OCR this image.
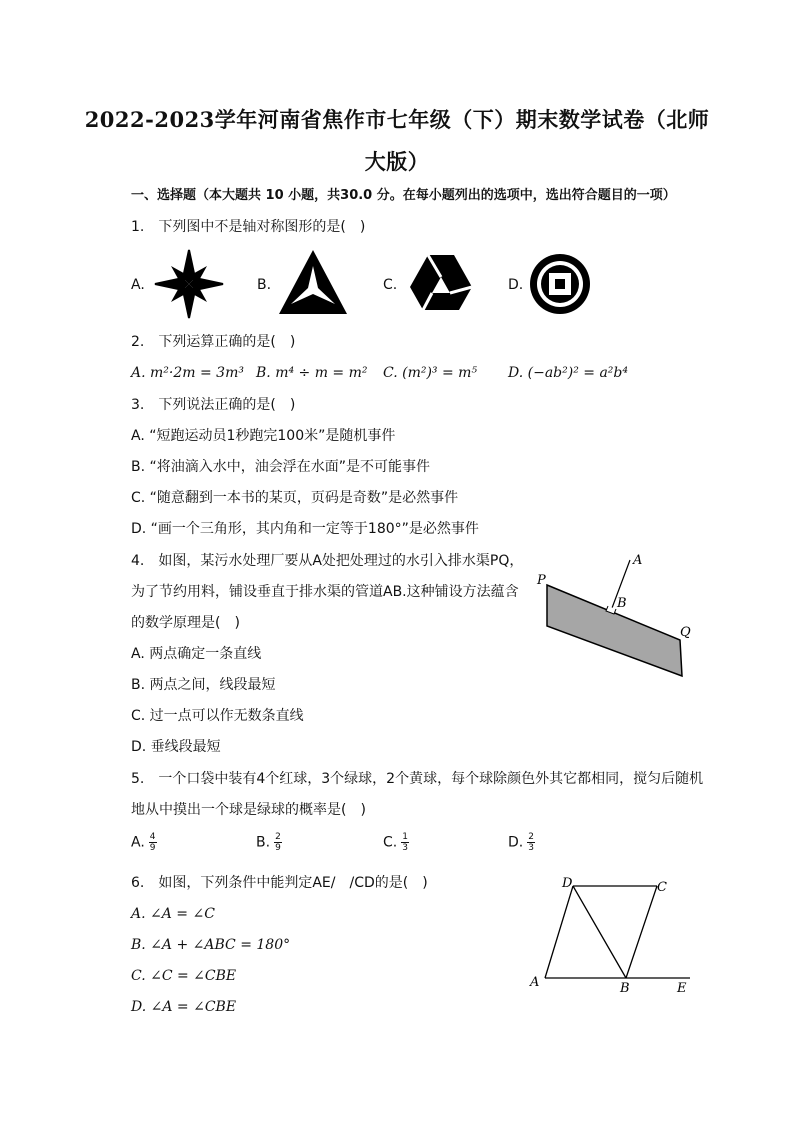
2022-2023学年河南省焦作市七年级（下）期末数学试卷（北师
大版）
一、选择题（本大题共 10 小题，共30.0 分。在每小题列出的选项中，选出符合题目的一项）
1.　下列图中不是轴对称图形的是(　)
A.	B.	C.	D.
2.　下列运算正确的是(　)
A. m²·2m = 3m³ B. m⁴ ÷ m = m² C. (m²)³ = m⁵ D. (−ab²)² = a²b⁴
3.　下列说法正确的是(　)
A. “短跑运动员1秒跑完100米”是随机事件
B. “将油滴入水中，油会浮在水面”是不可能事件
C. “随意翻到一本书的某页，页码是奇数”是必然事件
D. “画一个三角形，其内角和一定等于180°”是必然事件
4.　如图，某污水处理厂要从A处把处理过的水引入排水渠PQ，
为了节约用料，铺设垂直于排水渠的管道AB.这种铺设方法蕴含
的数学原理是(　)
A. 两点确定一条直线
B. 两点之间，线段最短
C. 过一点可以作无数条直线
D. 垂线段最短
A
B
P
Q
5.　一个口袋中装有4个红球，3个绿球，2个黄球，每个球除颜色外其它都相同，搅匀后随机
地从中摸出一个球是绿球的概率是(　)
A. $\frac{4}{9}$	B. $\frac{2}{9}$	C. $\frac{1}{3}$	D. $\frac{2}{3}$
6.　如图，下列条件中能判定AE/　/CD的是(　)
A. ∠A = ∠C
B. ∠A + ∠ABC = 180°
C. ∠C = ∠CBE
D. ∠A = ∠CBE
A	B
C
D
E
